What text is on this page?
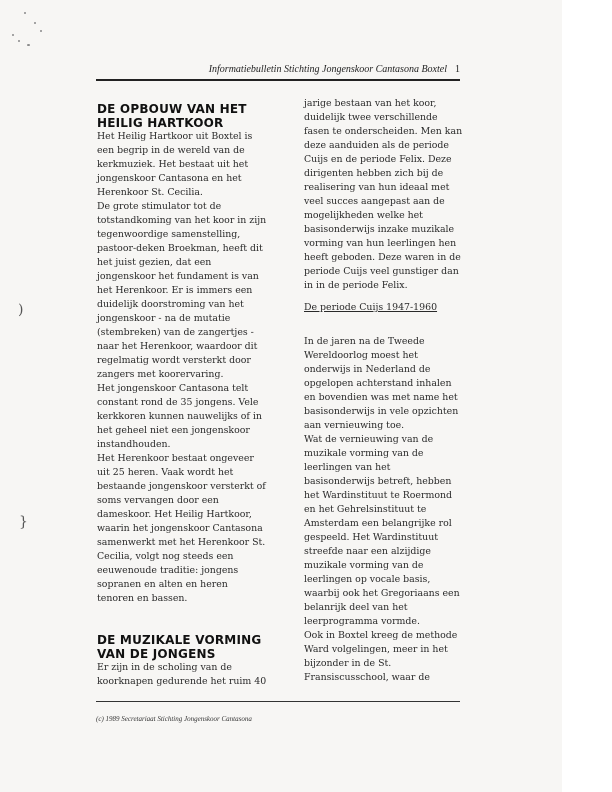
)
}
Informatiebulletin Stichting Jongenskoor Cantasona Boxtel 1
DE OPBOUW VAN HET HEILIG HARTKOOR

Het Heilig Hartkoor uit Boxtel is een begrip in de wereld van de kerkmuziek. Het bestaat uit het jongenskoor Cantasona en het Herenkoor St. Cecilia.

De grote stimulator tot de totstandkoming van het koor in zijn tegenwoordige samenstelling, pastoor-deken Broekman, heeft dit het juist gezien, dat een jongenskoor het fundament is van het Herenkoor. Er is immers een duidelijk doorstroming van het jongenskoor - na de mutatie (stembreken) van de zangertjes - naar het Herenkoor, waardoor dit regelmatig wordt versterkt door zangers met koorervaring.

Het jongenskoor Cantasona telt constant rond de 35 jongens. Vele kerkkoren kunnen nauwelijks of in het geheel niet een jongenskoor instandhouden.

Het Herenkoor bestaat ongeveer uit 25 heren. Vaak wordt het bestaande jongenskoor versterkt of soms vervangen door een dameskoor. Het Heilig Hartkoor, waarin het jongenskoor Cantasona samenwerkt met het Herenkoor St. Cecilia, volgt nog steeds een eeuwenoude traditie: jongens sopranen en alten en heren tenoren en bassen.

DE MUZIKALE VORMING VAN DE JONGENS

Er zijn in de scholing van de koorknapen gedurende het ruim 40

jarige bestaan van het koor, duidelijk twee verschillende fasen te onderscheiden. Men kan deze aanduiden als de periode Cuijs en de periode Felix. Deze dirigenten hebben zich bij de realisering van hun ideaal met veel succes aangepast aan de mogelijkheden welke het basisonderwijs inzake muzikale vorming van hun leerlingen hen heeft geboden. Deze waren in de periode Cuijs veel gunstiger dan in in de periode Felix.

De periode Cuijs 1947-1960

In de jaren na de Tweede Wereldoorlog moest het onderwijs in Nederland de opgelopen achterstand inhalen en bovendien was met name het basisonderwijs in vele opzichten aan vernieuwing toe.

Wat de vernieuwing van de muzikale vorming van de leerlingen van het basisonderwijs betreft, hebben het Wardinstituut te Roermond en het Gehrelsinstituut te Amsterdam een belangrijke rol gespeeld. Het Wardinstituut streefde naar een alzijdige muzikale vorming van de leerlingen op vocale basis, waarbij ook het Gregoriaans een belanrijk deel van het leerprogramma vormde.

Ook in Boxtel kreeg de methode Ward volgelingen, meer in het bijzonder in de St. Fransiscusschool, waar de

(c) 1989 Secretariaat Stichting Jongenskoor Cantasona
